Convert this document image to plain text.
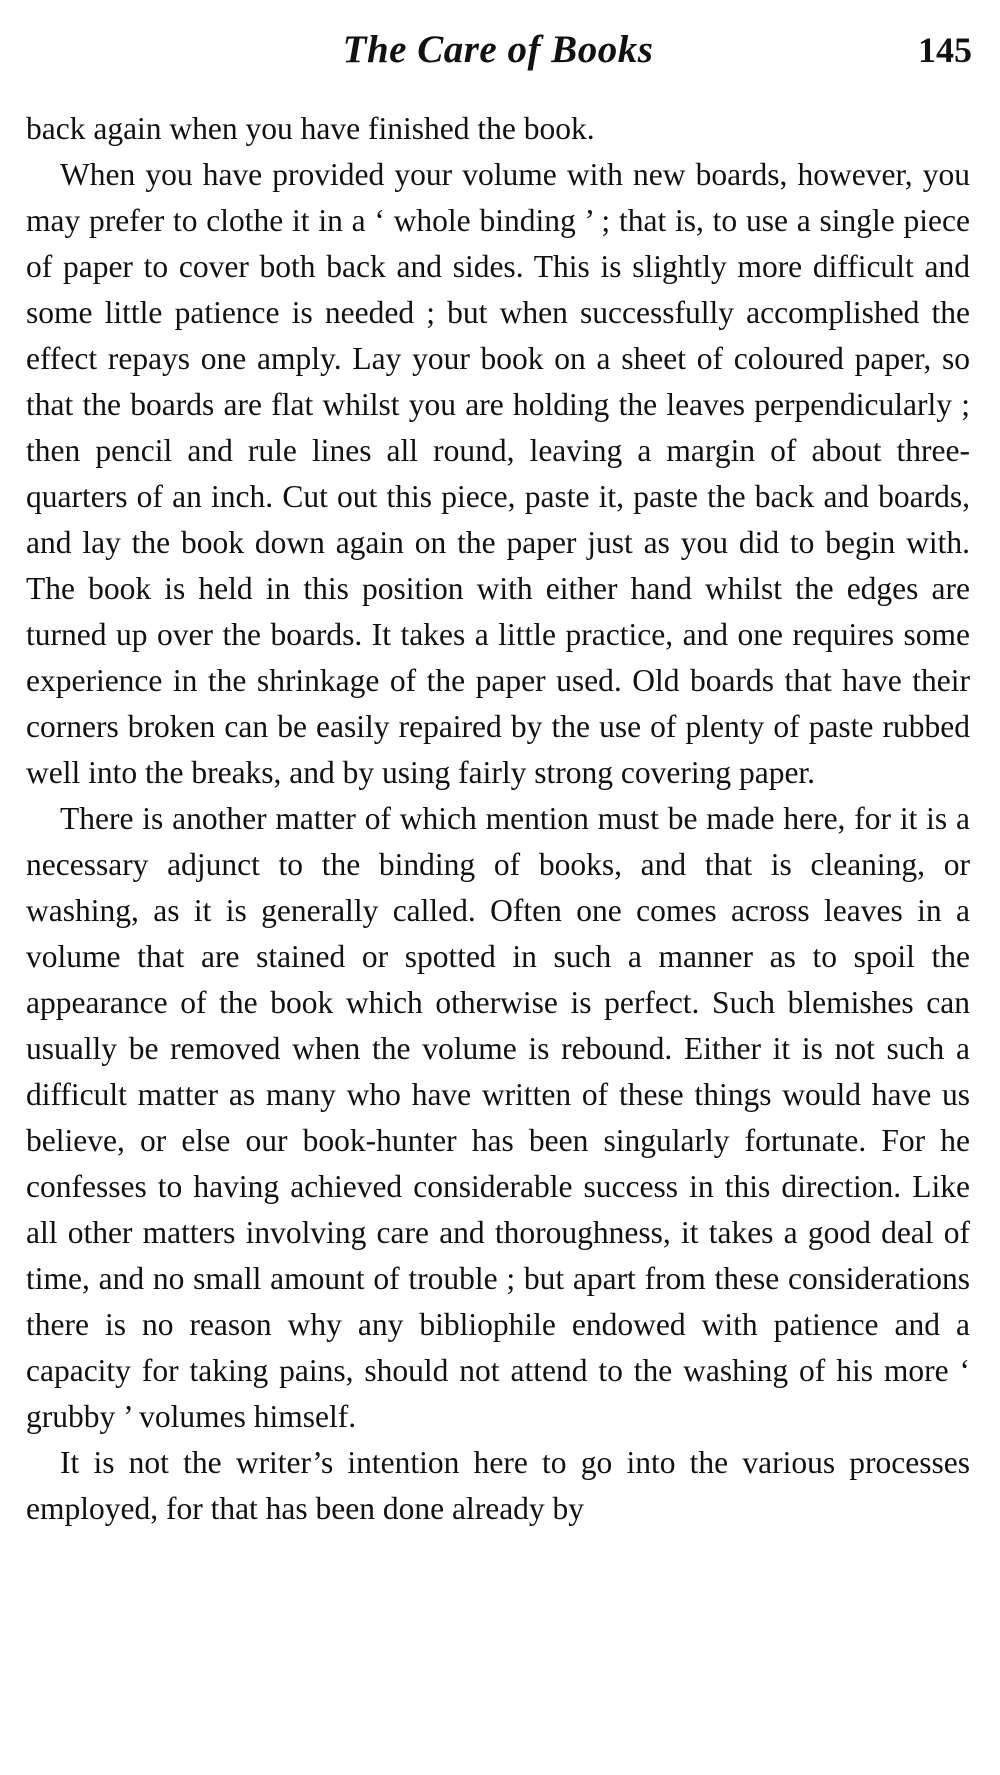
The Care of Books	145

back again when you have finished the book.

When you have provided your volume with new boards, however, you may prefer to clothe it in a ‘ whole binding ’ ; that is, to use a single piece of paper to cover both back and sides. This is slightly more difficult and some little patience is needed ; but when successfully accomplished the effect repays one amply. Lay your book on a sheet of coloured paper, so that the boards are flat whilst you are holding the leaves perpendicularly ; then pencil and rule lines all round, leaving a margin of about three-quarters of an inch. Cut out this piece, paste it, paste the back and boards, and lay the book down again on the paper just as you did to begin with. The book is held in this position with either hand whilst the edges are turned up over the boards. It takes a little practice, and one requires some experience in the shrinkage of the paper used. Old boards that have their corners broken can be easily repaired by the use of plenty of paste rubbed well into the breaks, and by using fairly strong covering paper.

There is another matter of which mention must be made here, for it is a necessary adjunct to the binding of books, and that is cleaning, or washing, as it is generally called. Often one comes across leaves in a volume that are stained or spotted in such a manner as to spoil the appearance of the book which otherwise is perfect. Such blemishes can usually be removed when the volume is rebound. Either it is not such a difficult matter as many who have written of these things would have us believe, or else our book-hunter has been singularly fortunate. For he confesses to having achieved considerable success in this direction. Like all other matters involving care and thoroughness, it takes a good deal of time, and no small amount of trouble ; but apart from these considerations there is no reason why any bibliophile endowed with patience and a capacity for taking pains, should not attend to the washing of his more ‘ grubby ’ volumes himself.

It is not the writer’s intention here to go into the various processes employed, for that has been done already by
